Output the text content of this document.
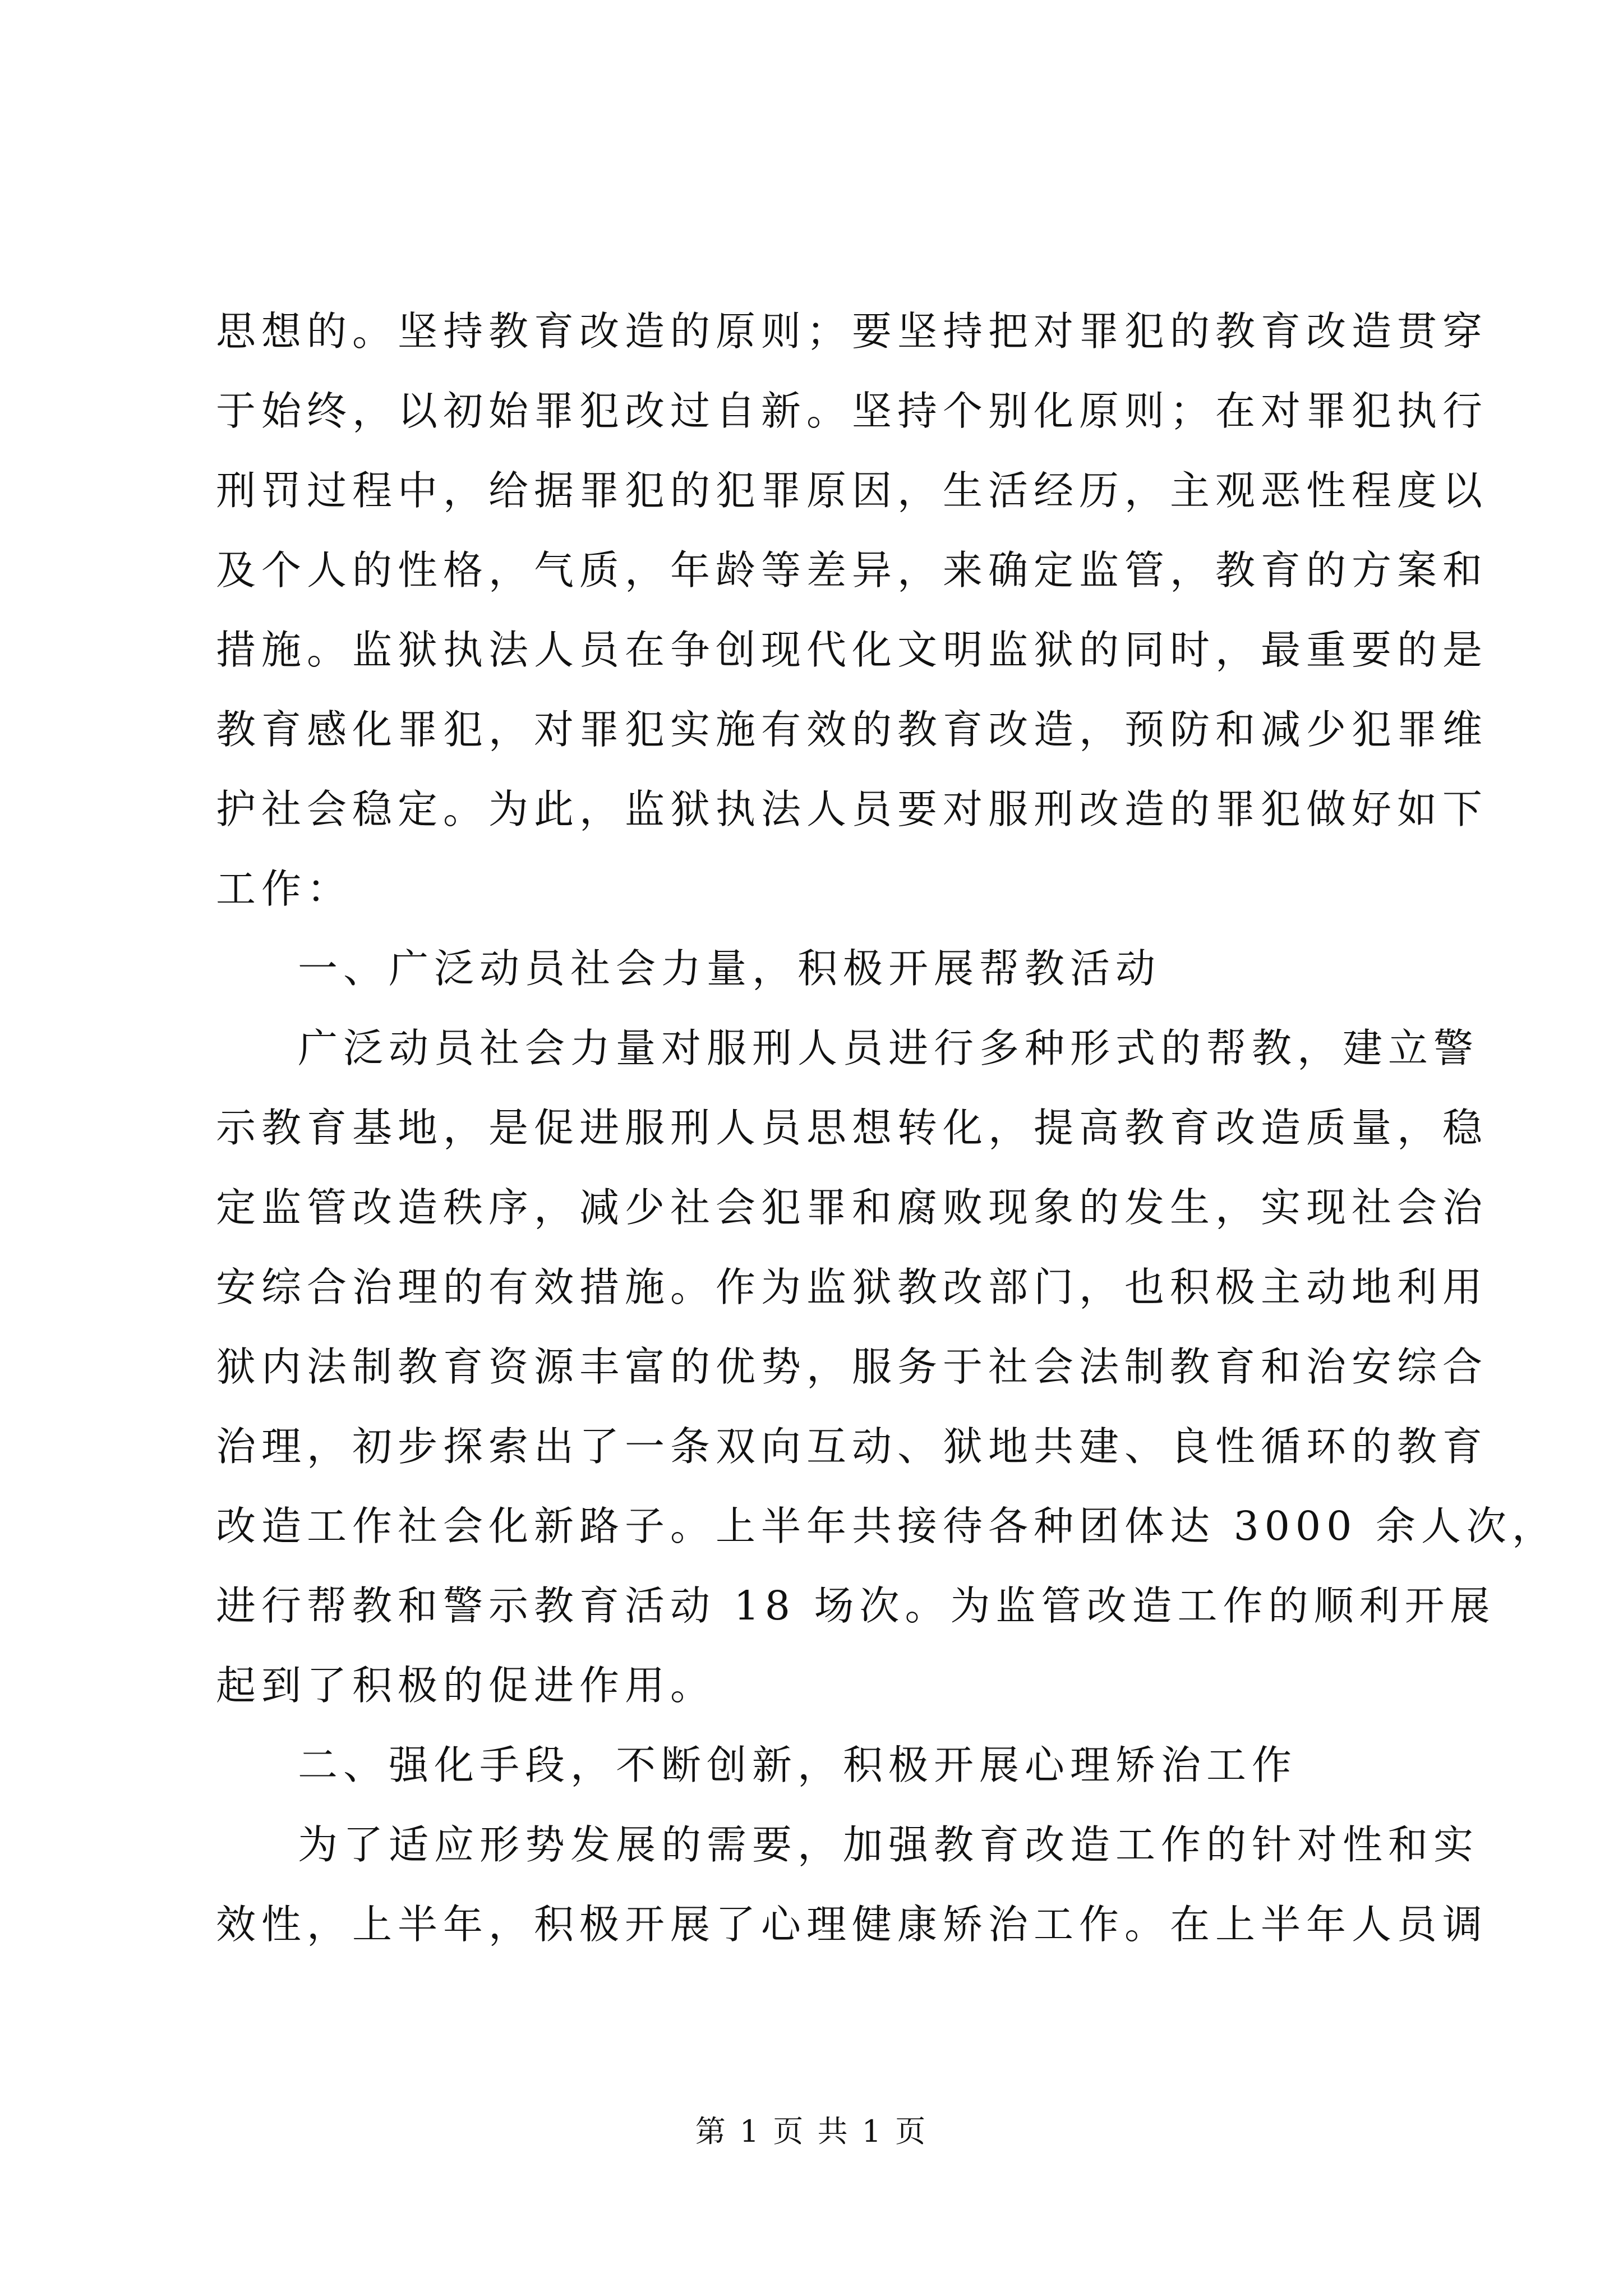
思想的。坚持教育改造的原则；要坚持把对罪犯的教育改造贯穿
于始终，以初始罪犯改过自新。坚持个别化原则；在对罪犯执行
刑罚过程中，给据罪犯的犯罪原因，生活经历，主观恶性程度以
及个人的性格，气质，年龄等差异，来确定监管，教育的方案和
措施。监狱执法人员在争创现代化文明监狱的同时，最重要的是
教育感化罪犯，对罪犯实施有效的教育改造，预防和减少犯罪维
护社会稳定。为此，监狱执法人员要对服刑改造的罪犯做好如下
工作：
一、广泛动员社会力量，积极开展帮教活动
广泛动员社会力量对服刑人员进行多种形式的帮教，建立警
示教育基地，是促进服刑人员思想转化，提高教育改造质量，稳
定监管改造秩序，减少社会犯罪和腐败现象的发生，实现社会治
安综合治理的有效措施。作为监狱教改部门，也积极主动地利用
狱内法制教育资源丰富的优势，服务于社会法制教育和治安综合
治理，初步探索出了一条双向互动、狱地共建、良性循环的教育
改造工作社会化新路子。上半年共接待各种团体达 3000 余人次，
进行帮教和警示教育活动 18 场次。为监管改造工作的顺利开展
起到了积极的促进作用。
二、强化手段，不断创新，积极开展心理矫治工作
为了适应形势发展的需要，加强教育改造工作的针对性和实
效性，上半年，积极开展了心理健康矫治工作。在上半年人员调
第 1 页 共 1 页
